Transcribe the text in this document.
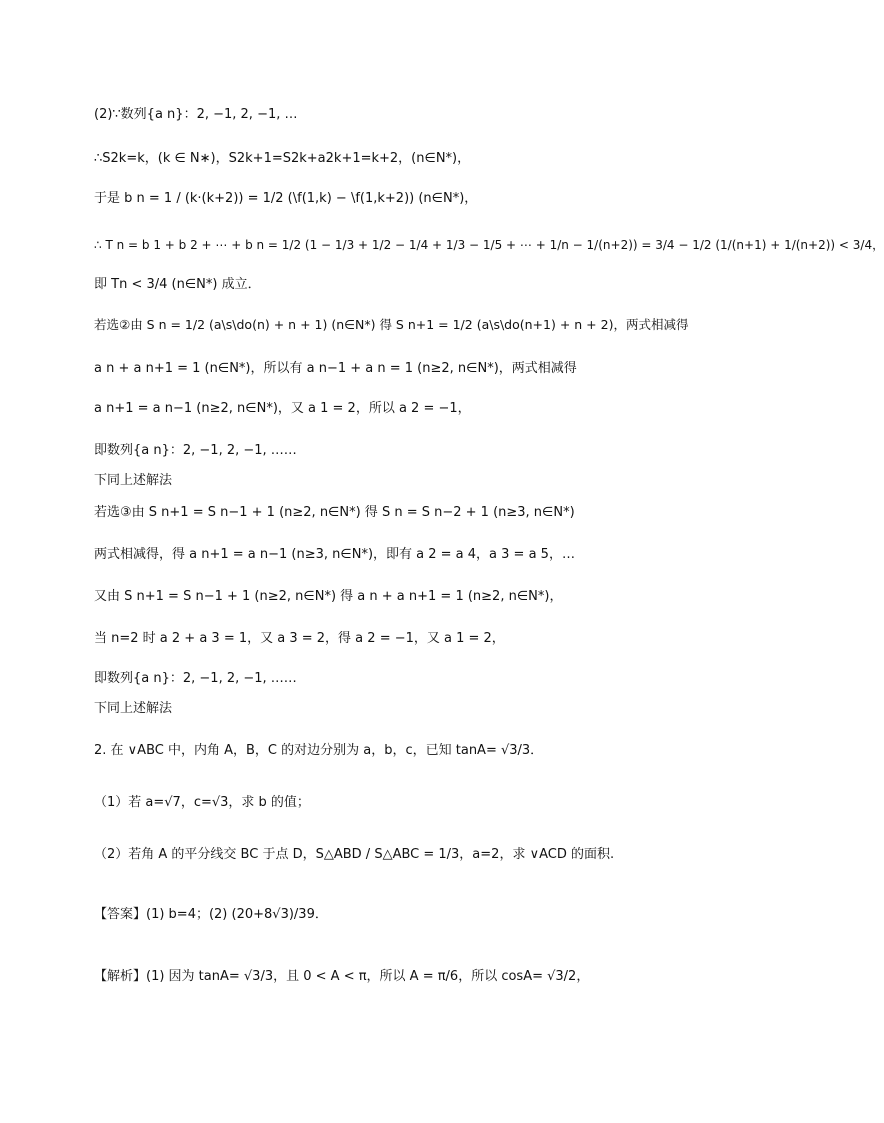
(2)∵数列{a n}：2, −1, 2, −1, …
∴S2k=k，(k ∈ N∗)，S2k+1=S2k+a2k+1=k+2，(n∈N*)，
于是 b n = 1 / (k·(k+2)) = 1/2 (\f(1,k) − \f(1,k+2)) (n∈N*)，
∴ T n = b 1 + b 2 + ⋯ + b n = 1/2 (1 − 1/3 + 1/2 − 1/4 + 1/3 − 1/5 + ⋯ + 1/n − 1/(n+2)) = 3/4 − 1/2 (1/(n+1) + 1/(n+2)) < 3/4，
即 Tn < 3/4 (n∈N*) 成立．
若选②由 S n = 1/2 (a\s\do(n) + n + 1) (n∈N*) 得 S n+1 = 1/2 (a\s\do(n+1) + n + 2)，两式相减得
a n + a n+1 = 1 (n∈N*)，所以有 a n−1 + a n = 1 (n≥2, n∈N*)，两式相减得
a n+1 = a n−1 (n≥2, n∈N*)，又 a 1 = 2，所以 a 2 = −1，
即数列{a n}：2, −1, 2, −1, ……
下同上述解法
若选③由 S n+1 = S n−1 + 1 (n≥2, n∈N*) 得 S n = S n−2 + 1 (n≥3, n∈N*)
两式相减得，得 a n+1 = a n−1 (n≥3, n∈N*)，即有 a 2 = a 4，a 3 = a 5，…
又由 S n+1 = S n−1 + 1 (n≥2, n∈N*) 得 a n + a n+1 = 1 (n≥2, n∈N*)，
当 n=2 时 a 2 + a 3 = 1，又 a 3 = 2，得 a 2 = −1，又 a 1 = 2，
即数列{a n}：2, −1, 2, −1, ……
下同上述解法
2. 在 ∨ABC 中，内角 A，B，C 的对边分别为 a，b，c，已知 tanA= √3/3．
（1）若 a=√7，c=√3，求 b 的值；
（2）若角 A 的平分线交 BC 于点 D，S△ABD / S△ABC = 1/3，a=2，求 ∨ACD 的面积.
【答案】(1) b=4；(2) (20+8√3)/39．
【解析】(1) 因为 tanA= √3/3，且 0 < A < π，所以 A = π/6，所以 cosA= √3/2，
